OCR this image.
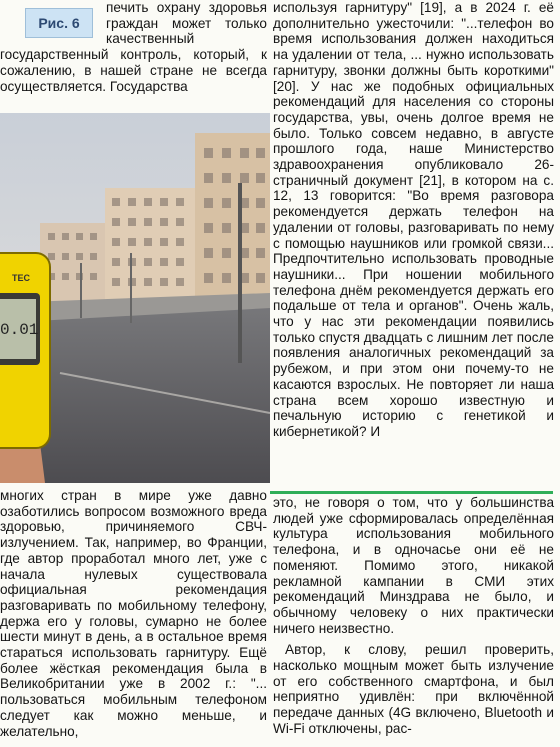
печить охрану здоровья граждан может только качественный государственный контроль, который, к сожалению, в нашей стране не всегда осуществляется. Государства

Рис. 6
TEC
0.01

многих стран в мире уже давно озаботились вопросом возможного вреда здоровью, причиняемого СВЧ-излучением. Так, например, во Франции, где автор проработал много лет, уже с начала нулевых существовала официальная рекомендация разговаривать по мобильному телефону, держа его у головы, сумарно не более шести минут в день, а в остальное время стараться использовать гарнитуру. Ещё более жёсткая рекомендация была в Великобритании уже в 2002 г.: "... пользоваться мобильным телефоном следует как можно меньше, и желательно,

используя гарнитуру" [19], а в 2024 г. её дополнительно ужесточили: "...телефон во время использования должен находиться на удалении от тела, ... нужно использовать гарнитуру, звонки должны быть короткими" [20]. У нас же подобных официальных рекомендаций для населения со стороны государства, увы, очень долгое время не было. Только совсем недавно, в августе прошлого года, наше Министерство здравоохранения опубликовало 26-страничный документ [21], в котором на с. 12, 13 говорится: "Во время разговора рекомендуется держать телефон на удалении от головы, разговаривать по нему с помощью наушников или громкой связи... Предпочтительно использовать проводные наушники... При ношении мобильного телефона днём рекомендуется держать его подальше от тела и органов". Очень жаль, что у нас эти рекомендации появились только спустя двадцать с лишним лет после появления аналогичных рекомендаций за рубежом, и при этом они почему-то не касаются взрослых. Не повторяет ли наша страна всем хорошо известную и печальную историю с генетикой и кибернетикой? И

это, не говоря о том, что у большинства людей уже сформировалась определённая культура использования мобильного телефона, и в одночасье они её не поменяют. Помимо этого, никакой рекламной кампании в СМИ этих рекомендаций Минздрава не было, и обычному человеку о них практически ничего неизвестно.

Автор, к слову, решил проверить, насколько мощным может быть излучение от его собственного смартфона, и был неприятно удивлён: при включённой передаче данных (4G включено, Bluetooth и Wi-Fi отключены, рас-
